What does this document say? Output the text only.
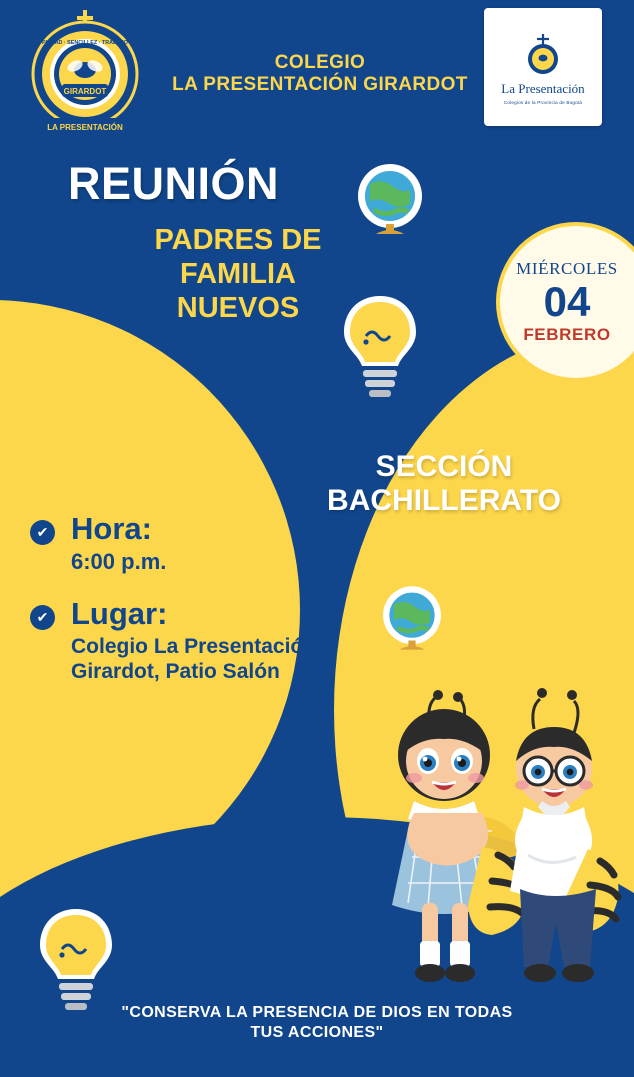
GIRARDOT
PIEDAD · SENCILLEZ · TRABAJO
LA PRESENTACIÓN
COLEGIO
LA PRESENTACIÓN GIRARDOT	La Presentación
Colegios de la Provincia de Bogotá
REUNIÓN
PADRES DE
FAMILIA
NUEVOS
MIÉRCOLES
04
FEBRERO
SECCIÓN
BACHILLERATO
✔ Hora:
6:00 p.m.
✔ Lugar:
Colegio La Presentación Girardot, Patio Salón
"CONSERVA LA PRESENCIA DE DIOS EN TODAS TUS ACCIONES"
